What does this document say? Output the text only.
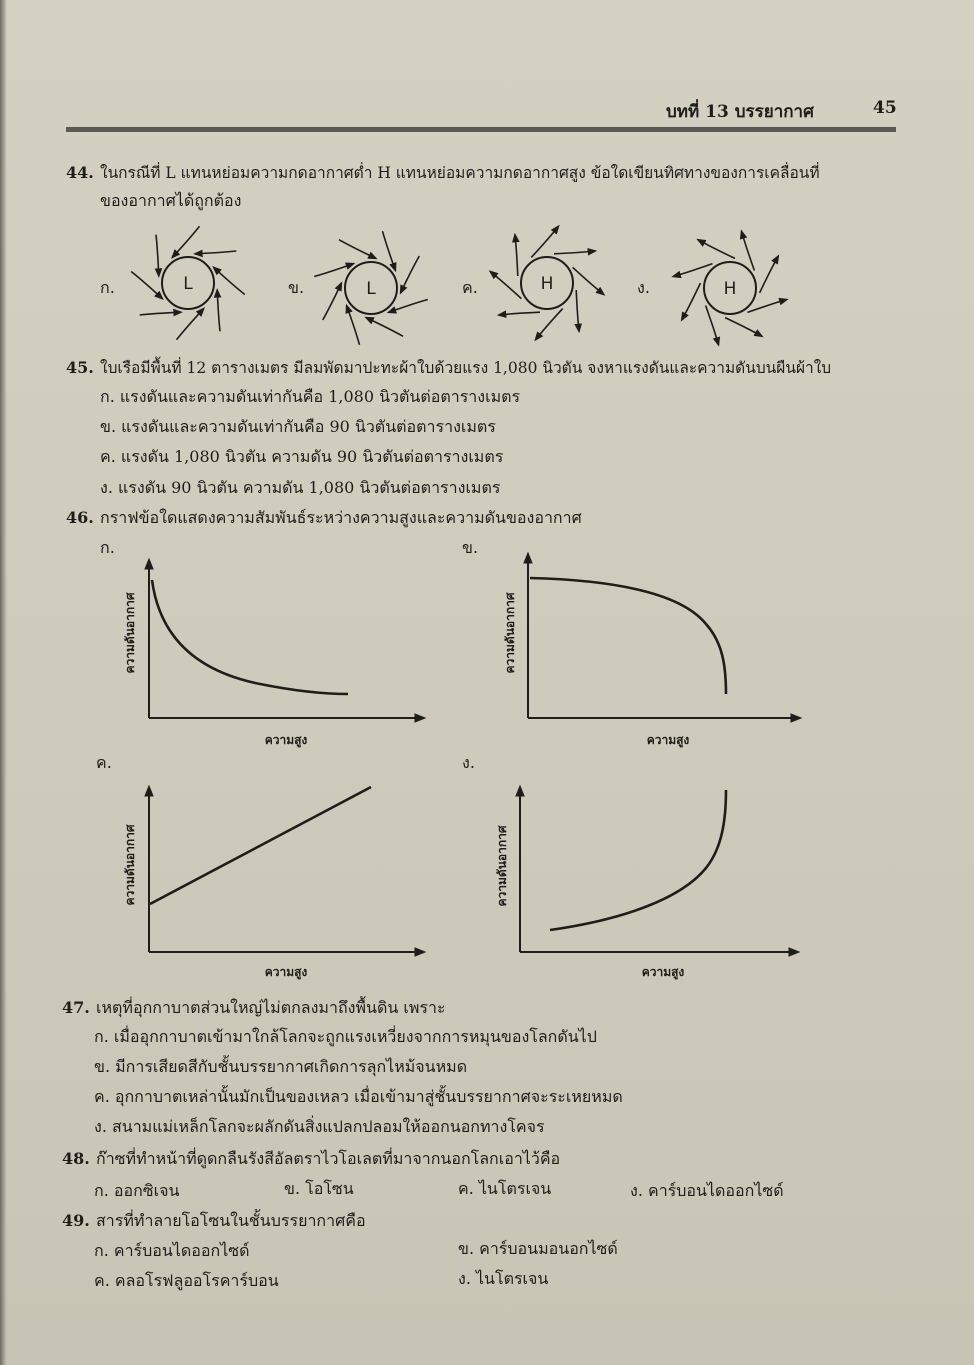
บทที่ 13 บรรยากาศ	45
44. ในกรณีที่ L แทนหย่อมความกดอากาศต่ำ H แทนหย่อมความกดอากาศสูง ข้อใดเขียนทิศทางของการเคลื่อนที่
ของอากาศได้ถูกต้อง
ก.	ข.	ค.	ง.
L	L	H	H
ความสูง
ความดันอากาศ
ความสูง
ความดันอากาศ
ความสูง
ความดันอากาศ
ความสูง
ความดันอากาศ
45. ใบเรือมีพื้นที่ 12 ตารางเมตร มีลมพัดมาปะทะผ้าใบด้วยแรง 1,080 นิวตัน จงหาแรงดันและความดันบนผืนผ้าใบ
ก. แรงดันและความดันเท่ากันคือ 1,080 นิวตันต่อตารางเมตร
ข. แรงดันและความดันเท่ากันคือ 90 นิวตันต่อตารางเมตร
ค. แรงดัน 1,080 นิวตัน ความดัน 90 นิวตันต่อตารางเมตร
ง. แรงดัน 90 นิวตัน ความดัน 1,080 นิวตันต่อตารางเมตร
46. กราฟข้อใดแสดงความสัมพันธ์ระหว่างความสูงและความดันของอากาศ
ก.	ข.
ค.	ง.
47. เหตุที่อุกกาบาตส่วนใหญ่ไม่ตกลงมาถึงพื้นดิน เพราะ
ก. เมื่ออุกกาบาตเข้ามาใกล้โลกจะถูกแรงเหวี่ยงจากการหมุนของโลกดันไป
ข. มีการเสียดสีกับชั้นบรรยากาศเกิดการลุกไหม้จนหมด
ค. อุกกาบาตเหล่านั้นมักเป็นของเหลว เมื่อเข้ามาสู่ชั้นบรรยากาศจะระเหยหมด
ง. สนามแม่เหล็กโลกจะผลักดันสิ่งแปลกปลอมให้ออกนอกทางโคจร
48. ก๊าซที่ทำหน้าที่ดูดกลืนรังสีอัลตราไวโอเลตที่มาจากนอกโลกเอาไว้คือ
ก. ออกซิเจน	ข. โอโซน	ค. ไนโตรเจน	ง. คาร์บอนไดออกไซด์
49. สารที่ทำลายโอโซนในชั้นบรรยากาศคือ
ก. คาร์บอนไดออกไซด์	ข. คาร์บอนมอนอกไซด์
ค. คลอโรฟลูออโรคาร์บอน	ง. ไนโตรเจน
